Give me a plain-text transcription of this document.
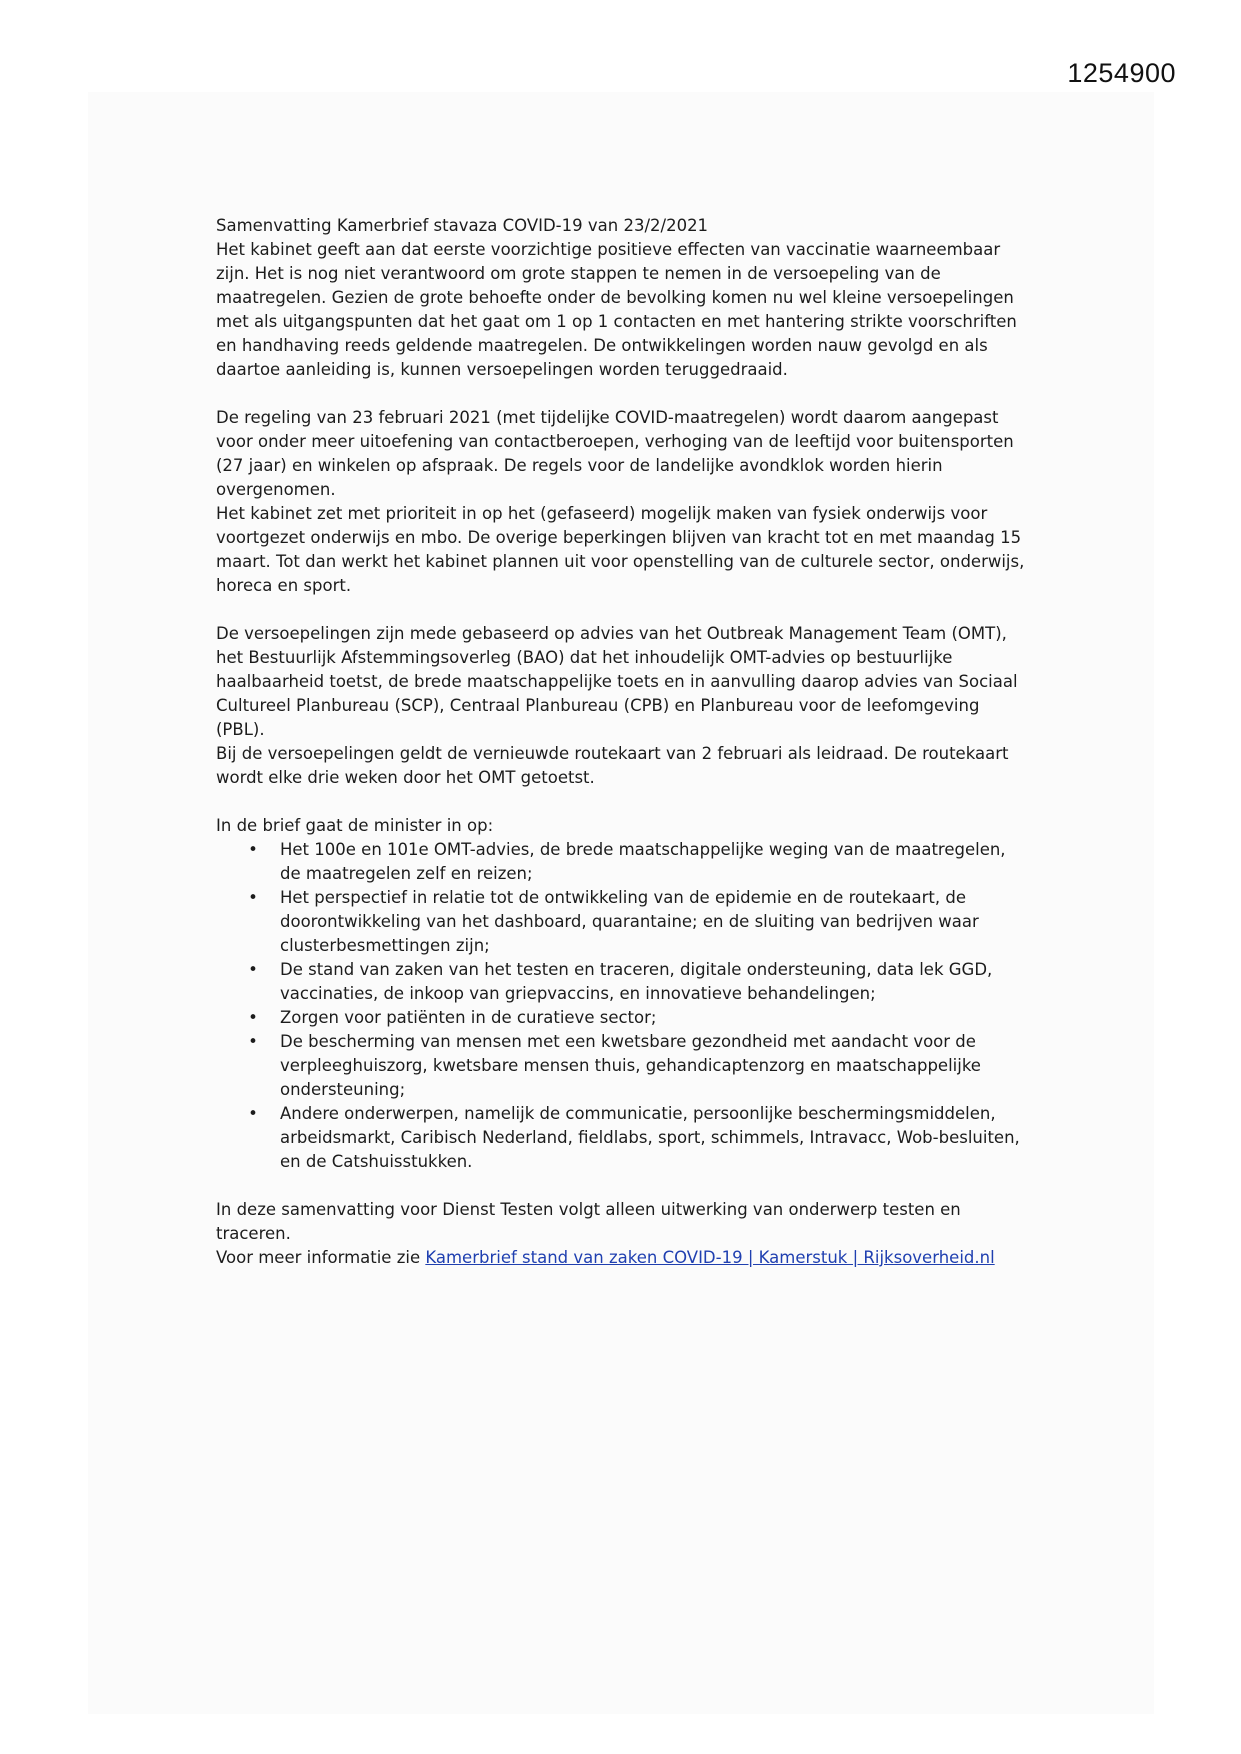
1254900

Samenvatting Kamerbrief stavaza COVID-19 van 23/2/2021

Het kabinet geeft aan dat eerste voorzichtige positieve effecten van vaccinatie waarneembaar zijn. Het is nog niet verantwoord om grote stappen te nemen in de versoepeling van de maatregelen. Gezien de grote behoefte onder de bevolking komen nu wel kleine versoepelingen met als uitgangspunten dat het gaat om 1 op 1 contacten en met hantering strikte voorschriften en handhaving reeds geldende maatregelen. De ontwikkelingen worden nauw gevolgd en als daartoe aanleiding is, kunnen versoepelingen worden teruggedraaid.

De regeling van 23 februari 2021 (met tijdelijke COVID-maatregelen) wordt daarom aangepast voor onder meer uitoefening van contactberoepen, verhoging van de leeftijd voor buitensporten (27 jaar) en winkelen op afspraak. De regels voor de landelijke avondklok worden hierin overgenomen.

Het kabinet zet met prioriteit in op het (gefaseerd) mogelijk maken van fysiek onderwijs voor voortgezet onderwijs en mbo. De overige beperkingen blijven van kracht tot en met maandag 15 maart. Tot dan werkt het kabinet plannen uit voor openstelling van de culturele sector, onderwijs, horeca en sport.

De versoepelingen zijn mede gebaseerd op advies van het Outbreak Management Team (OMT), het Bestuurlijk Afstemmingsoverleg (BAO) dat het inhoudelijk OMT-advies op bestuurlijke haalbaarheid toetst, de brede maatschappelijke toets en in aanvulling daarop advies van Sociaal Cultureel Planbureau (SCP), Centraal Planbureau (CPB) en Planbureau voor de leefomgeving (PBL).

Bij de versoepelingen geldt de vernieuwde routekaart van 2 februari als leidraad. De routekaart wordt elke drie weken door het OMT getoetst.

In de brief gaat de minister in op:

• Het 100e en 101e OMT-advies, de brede maatschappelijke weging van de maatregelen, de maatregelen zelf en reizen;
• Het perspectief in relatie tot de ontwikkeling van de epidemie en de routekaart, de doorontwikkeling van het dashboard, quarantaine; en de sluiting van bedrijven waar clusterbesmettingen zijn;
• De stand van zaken van het testen en traceren, digitale ondersteuning, data lek GGD, vaccinaties, de inkoop van griepvaccins, en innovatieve behandelingen;
• Zorgen voor patiënten in de curatieve sector;
• De bescherming van mensen met een kwetsbare gezondheid met aandacht voor de verpleeghuiszorg, kwetsbare mensen thuis, gehandicaptenzorg en maatschappelijke ondersteuning;
• Andere onderwerpen, namelijk de communicatie, persoonlijke beschermingsmiddelen, arbeidsmarkt, Caribisch Nederland, fieldlabs, sport, schimmels, Intravacc, Wob-besluiten, en de Catshuisstukken.

In deze samenvatting voor Dienst Testen volgt alleen uitwerking van onderwerp testen en traceren.

Voor meer informatie zie Kamerbrief stand van zaken COVID-19 | Kamerstuk | Rijksoverheid.nl
